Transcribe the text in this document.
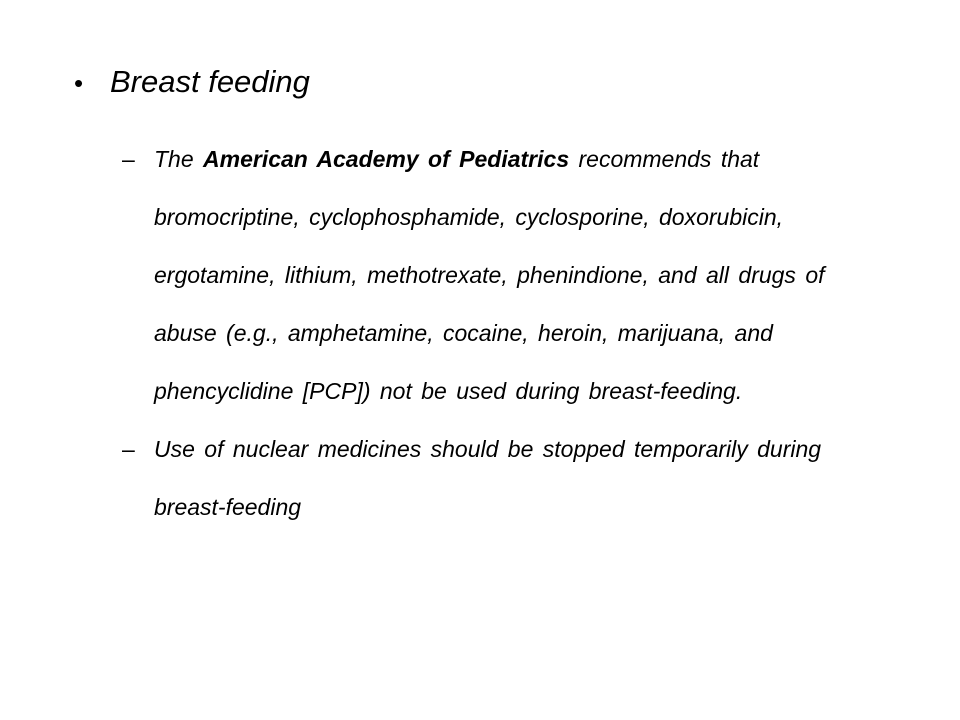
• Breast feeding
– The American Academy of Pediatrics recommends that bromocriptine, cyclophosphamide, cyclosporine, doxorubicin, ergotamine, lithium, methotrexate, phenindione, and all drugs of abuse (e.g., amphetamine, cocaine, heroin, marijuana, and phencyclidine [PCP]) not be used during breast-feeding.
– Use of nuclear medicines should be stopped temporarily during breast-feeding
